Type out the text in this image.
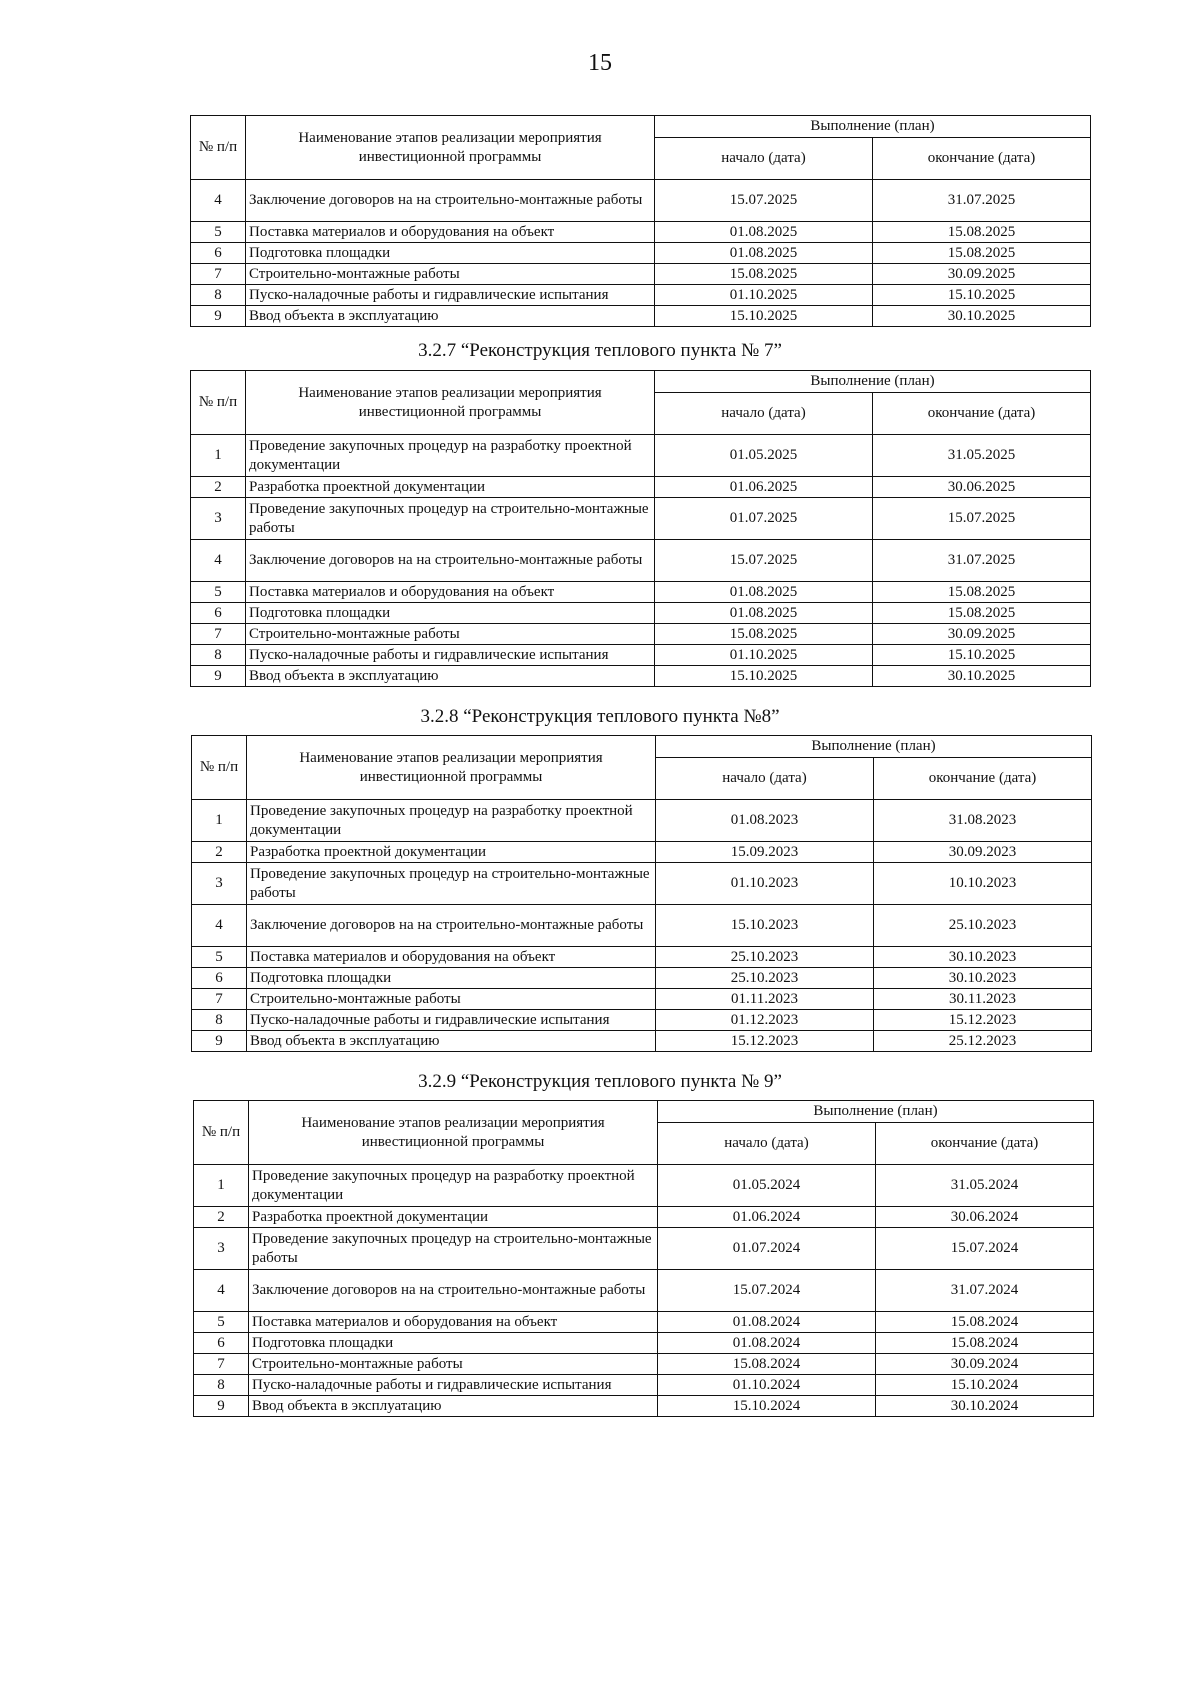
15
№ п/п	Наименование этапов реализации мероприятия инвестиционной программы	Выполнение (план)	
		начало (дата)	окончание (дата)
4	Заключение договоров на на строительно-монтажные работы	15.07.2025	31.07.2025
5	Поставка материалов и оборудования на объект	01.08.2025	15.08.2025
6	Подготовка площадки	01.08.2025	15.08.2025
7	Строительно-монтажные работы	15.08.2025	30.09.2025
8	Пуско-наладочные работы и гидравлические испытания	01.10.2025	15.10.2025
9	Ввод объекта в эксплуатацию	15.10.2025	30.10.2025
3.2.7 “Реконструкция теплового пункта № 7”
№ п/п	Наименование этапов реализации мероприятия инвестиционной программы	Выполнение (план)	
		начало (дата)	окончание (дата)
1	Проведение закупочных процедур на разработку проектной документации	01.05.2025	31.05.2025
2	Разработка проектной документации	01.06.2025	30.06.2025
3	Проведение закупочных процедур на строительно-монтажные работы	01.07.2025	15.07.2025
4	Заключение договоров на на строительно-монтажные работы	15.07.2025	31.07.2025
5	Поставка материалов и оборудования на объект	01.08.2025	15.08.2025
6	Подготовка площадки	01.08.2025	15.08.2025
7	Строительно-монтажные работы	15.08.2025	30.09.2025
8	Пуско-наладочные работы и гидравлические испытания	01.10.2025	15.10.2025
9	Ввод объекта в эксплуатацию	15.10.2025	30.10.2025
3.2.8 “Реконструкция теплового пункта №8”
№ п/п	Наименование этапов реализации мероприятия инвестиционной программы	Выполнение (план)	
		начало (дата)	окончание (дата)
1	Проведение закупочных процедур на разработку проектной документации	01.08.2023	31.08.2023
2	Разработка проектной документации	15.09.2023	30.09.2023
3	Проведение закупочных процедур на строительно-монтажные работы	01.10.2023	10.10.2023
4	Заключение договоров на на строительно-монтажные работы	15.10.2023	25.10.2023
5	Поставка материалов и оборудования на объект	25.10.2023	30.10.2023
6	Подготовка площадки	25.10.2023	30.10.2023
7	Строительно-монтажные работы	01.11.2023	30.11.2023
8	Пуско-наладочные работы и гидравлические испытания	01.12.2023	15.12.2023
9	Ввод объекта в эксплуатацию	15.12.2023	25.12.2023
3.2.9 “Реконструкция теплового пункта № 9”
№ п/п	Наименование этапов реализации мероприятия инвестиционной программы	Выполнение (план)	
		начало (дата)	окончание (дата)
1	Проведение закупочных процедур на разработку проектной документации	01.05.2024	31.05.2024
2	Разработка проектной документации	01.06.2024	30.06.2024
3	Проведение закупочных процедур на строительно-монтажные работы	01.07.2024	15.07.2024
4	Заключение договоров на на строительно-монтажные работы	15.07.2024	31.07.2024
5	Поставка материалов и оборудования на объект	01.08.2024	15.08.2024
6	Подготовка площадки	01.08.2024	15.08.2024
7	Строительно-монтажные работы	15.08.2024	30.09.2024
8	Пуско-наладочные работы и гидравлические испытания	01.10.2024	15.10.2024
9	Ввод объекта в эксплуатацию	15.10.2024	30.10.2024
